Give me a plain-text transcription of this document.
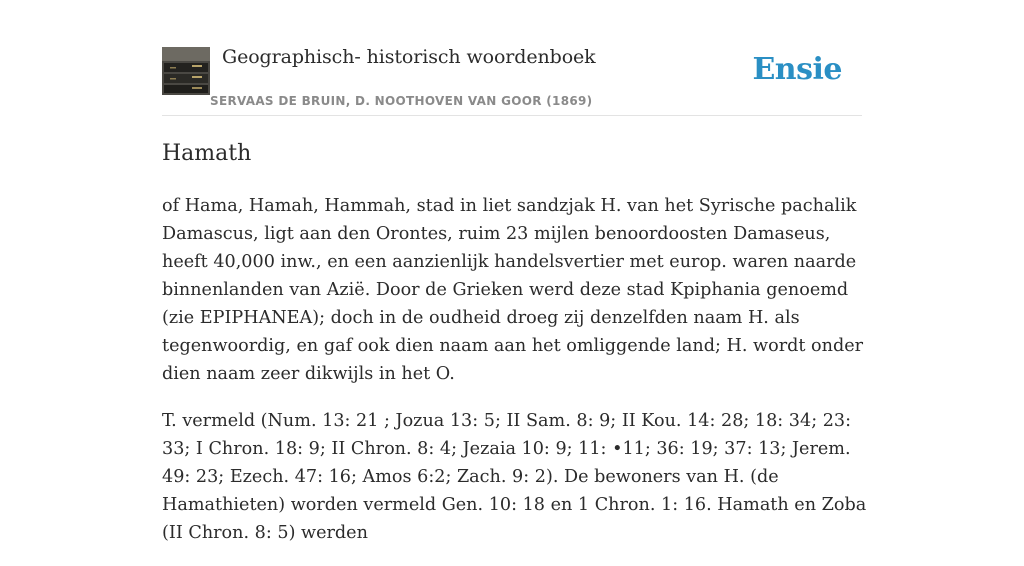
Geographisch- historisch woordenboek
SERVAAS DE BRUIN, D. NOOTHOVEN VAN GOOR (1869)
Ensie
Hamath

of Hama, Hamah, Hammah, stad in liet sandzjak H. van het Syrische pachalik Damascus, ligt aan den Orontes, ruim 23 mijlen benoordoosten Damaseus, heeft 40,000 inw., en een aanzienlijk handelsvertier met europ. waren naarde binnenlanden van Azië. Door de Grieken werd deze stad Kpiphania genoemd (zie EPIPHANEA); doch in de oudheid droeg zij denzelfden naam H. als tegenwoordig, en gaf ook dien naam aan het omliggende land; H. wordt onder dien naam zeer dikwijls in het O.

T. vermeld (Num. 13: 21 ; Jozua 13: 5; II Sam. 8: 9; II Kou. 14: 28; 18: 34; 23: 33; I Chron. 18: 9; II Chron. 8: 4; Jezaia 10: 9; 11: •11; 36: 19; 37: 13; Jerem. 49: 23; Ezech. 47: 16; Amos 6:2; Zach. 9: 2). De bewoners van H. (de Hamathieten) worden vermeld Gen. 10: 18 en 1 Chron. 1: 16. Hamath en Zoba (II Chron. 8: 5) werden
